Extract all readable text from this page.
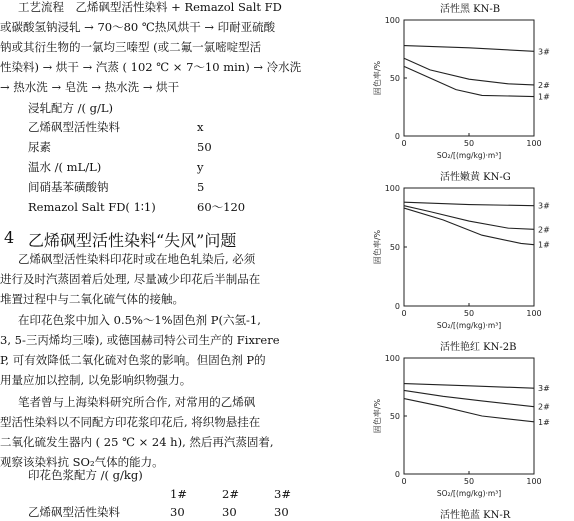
工艺流程　乙烯砜型活性染料 + Remazol Salt FD
或碳酸氢钠浸轧 → 70～80 ℃热风烘干 → 印耐亚硫酸
钠或其衍生物的一氯均三嗪型 (或二氟一氯嘧啶型活
性染料) → 烘干 → 汽蒸 ( 102 ℃ × 7～10 min) → 冷水洗
→ 热水洗 → 皂洗 → 热水洗 → 烘干
浸轧配方 /( g/L)
乙烯砜型活性染料	x
尿素	50
温水 /( mL/L)	y
间硝基苯磺酸钠	5
Remazol Salt FD( 1∶1)	60～120
4 乙烯砜型活性染料“失风”问题
乙烯砜型活性染料印花时或在地色轧染后, 必须
进行及时汽蒸固着后处理, 尽量减少印花后半制品在
堆置过程中与二氧化硫气体的接触。
在印花色浆中加入 0.5%～1%固色剂 P(六氢-1,
3, 5-三丙烯均三嗪), 或德国赫司特公司生产的 Fixrere
P, 可有效降低二氧化硫对色浆的影响。但固色剂 P的
用量应加以控制, 以免影响织物强力。
笔者曾与上海染料研究所合作, 对常用的乙烯砜
型活性染料以不同配方印花浆印花后, 将织物悬挂在
二氧化硫发生器内 ( 25 ℃ × 24 h), 然后再汽蒸固着,
观察该染料抗 SO₂气体的能力。
印花色浆配方 /( g/kg)
1#	2#	3#
乙烯砜型活性染料	30	30	30
活性黑 KN-B
0
50
100
0	50	100
固色率/%
SO₂/[(mg/kg)·m³]
3#
2#
1#
活性嫩黄 KN-G
0
50
100
0	50	100
固色率/%
SO₂/[(mg/kg)·m³]
3#
2#
1#
活性艳红 KN-2B
0
50
100
0	50	100
固色率/%
SO₂/[(mg/kg)·m³]
3#
2#
1#
活性艳蓝 KN-R
